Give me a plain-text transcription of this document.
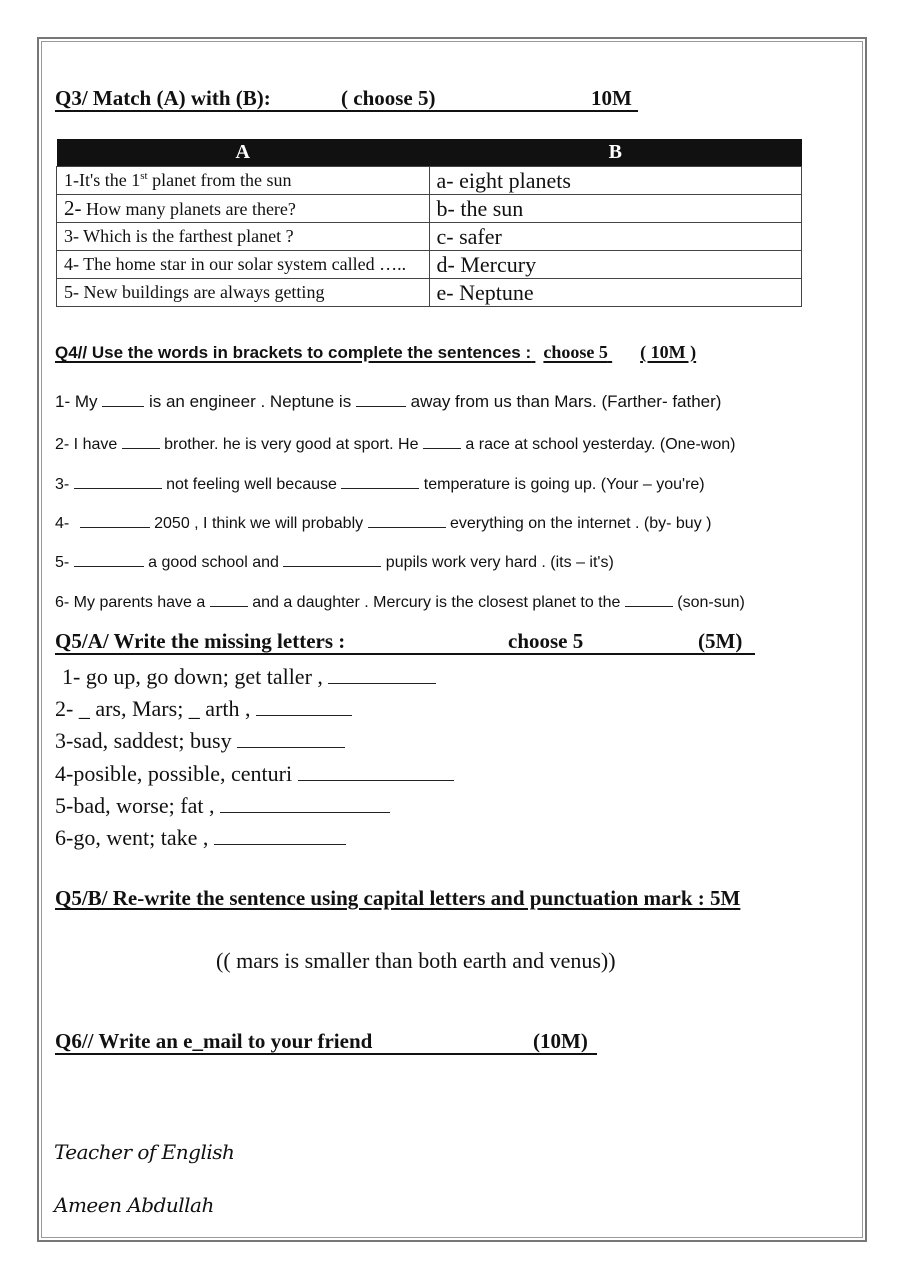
Q3/ Match (A) with (B):	( choose 5)	10M
A	B
1-It's the 1st planet from the sun	a- eight planets
2- How many planets are there?	b- the sun
3- Which is the farthest planet ?	c- safer
4- The home star in our solar system called …..	d- Mercury
5- New buildings are always getting	e- Neptune
Q4// Use the words in brackets to complete the sentences : choose 5 ( 10M )
1- My  is an engineer . Neptune is	away from us than Mars. (Farther- father)
2- I have  brother. he is very good at sport. He  a race at school yesterday. (One-won)
3-	not feeling well because	temperature is going up. (Your – you're)
4-	2050 , I think we will probably	everything on the internet . (by- buy )
5-	a good school and	pupils work very hard . (its – it's)
6- My parents have a  and a daughter . Mercury is the closest planet to the	(son-sun)
Q5/A/ Write the missing letters :	choose 5	(5M)
1- go up, go down; get taller ,
2- _ ars, Mars; _ arth ,
3-sad, saddest; busy
4-posible, possible, centuri
5-bad, worse; fat ,
6-go, went; take ,
Q5/B/ Re-write the sentence using capital letters and punctuation mark : 5M
(( mars is smaller than both earth and venus))
Q6// Write an e_mail to your friend	(10M)
Teacher of English
Ameen Abdullah
